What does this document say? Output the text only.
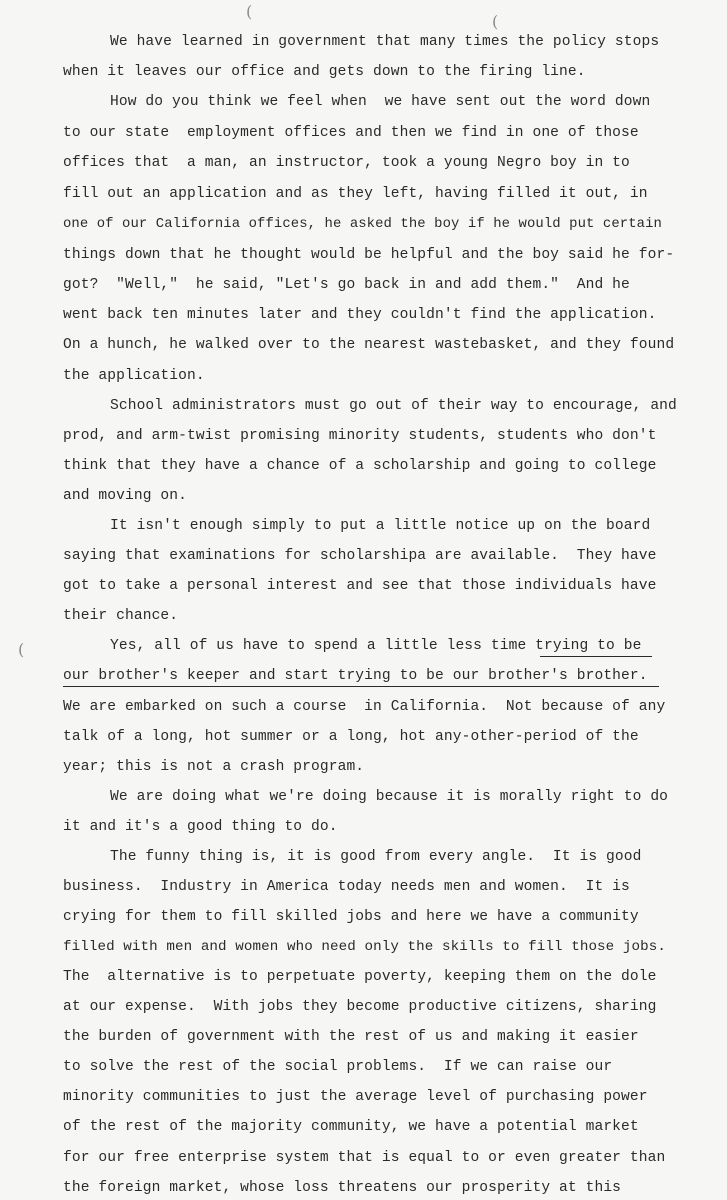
(
(
(
We have learned in government that many times the policy stops
when it leaves our office and gets down to the firing line.
How do you think we feel when  we have sent out the word down
to our state  employment offices and then we find in one of those
offices that  a man, an instructor, took a young Negro boy in to
fill out an application and as they left, having filled it out, in
one of our California offices, he asked the boy if he would put certain
things down that he thought would be helpful and the boy said he for-
got?  "Well,"  he said, "Let's go back in and add them."  And he
went back ten minutes later and they couldn't find the application.
On a hunch, he walked over to the nearest wastebasket, and they found
the application.
School administrators must go out of their way to encourage, and
prod, and arm-twist promising minority students, students who don't
think that they have a chance of a scholarship and going to college
and moving on.
It isn't enough simply to put a little notice up on the board
saying that examinations for scholarshipa are available.  They have
got to take a personal interest and see that those individuals have
their chance.
Yes, all of us have to spend a little less time trying to be
our brother's keeper and start trying to be our brother's brother.
We are embarked on such a course  in California.  Not because of any
talk of a long, hot summer or a long, hot any-other-period of the
year; this is not a crash program.
We are doing what we're doing because it is morally right to do
it and it's a good thing to do.
The funny thing is, it is good from every angle.  It is good
business.  Industry in America today needs men and women.  It is
crying for them to fill skilled jobs and here we have a community
filled with men and women who need only the skills to fill those jobs.
The  alternative is to perpetuate poverty, keeping them on the dole
at our expense.  With jobs they become productive citizens, sharing
the burden of government with the rest of us and making it easier
to solve the rest of the social problems.  If we can raise our
minority communities to just the average level of purchasing power
of the rest of the majority community, we have a potential market
for our free enterprise system that is equal to or even greater than
the foreign market, whose loss threatens our prosperity at this
